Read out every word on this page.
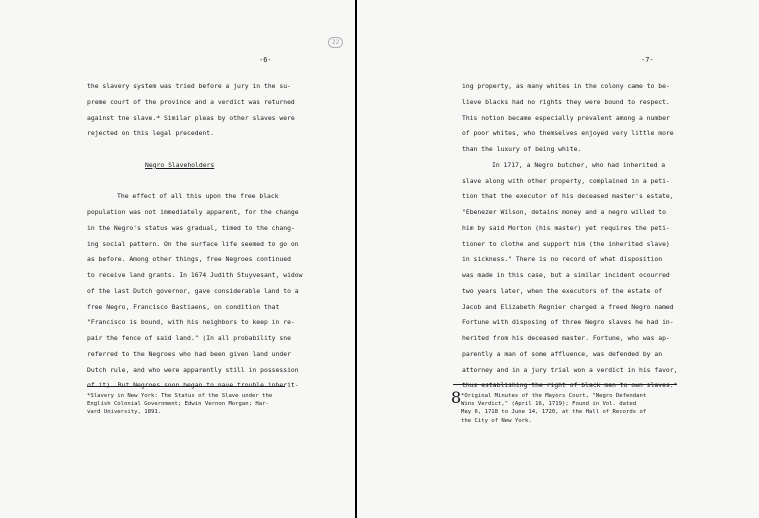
22
-6-
the slavery system was tried before a jury in the su-
preme court of the province and a verdict was returned
against tne slave.* Similar pleas by other slaves were
rejected on this legal precedent.
Negro Slaveholders
The effect of all this upon the free black
population was not immediately apparent, for the change
in the Negro's status was gradual, timed to the chang-
ing social pattern. On the surface life seemed to go on
as before. Among other things, free Negroes continued
to receive land grants. In 1674 Judith Stuyvesant, widow
of the last Dutch governor, gave considerable land to a
free Negro, Francisco Bastiaens, on condition that
"Francisco is bound, with his neighbors to keep in re-
pair the fence of said land." (In all probability sne
referred to the Negroes who had been given land under
Dutch rule, and who were apparently still in possession
of it). But Negroes soon began to nave trouble inherit-
*Slavery in New York: The Status of the Slave under the
English Colonial Government; Edwin Vernon Morgan; Har-
vard University, 1891.
-7-
ing property, as many whites in the colony came to be-
lieve blacks had no rights they were bound to respect.
This notion became especially prevalent among a number
of poor whites, who themselves enjoyed very little more
than the luxury of being white.
In 1717, a Negro butcher, who had inherited a
slave along with other property, complained in a peti-
tion that the executor of his deceased master's estate,
"Ebenezer Wilson, detains money and a negro willed to
him by said Morton (his master) yet requires the peti-
tioner to clothe and support him (the inherited slave)
in sickness." There is no record of what disposition
was made in this case, but a similar incident ocourred
two years later, when the executors of the estate of
Jacob and Elizabeth Regnier charged a freed Negro named
Fortune with disposing of three Negro slaves he had in-
herited from his deceased master. Fortune, who was ap-
parently a man of some affluence, was defended by an
attorney and in a jury trial won a verdict in his favor,
thus establishing the right of black men to own slaves.*
8 *Original Minutes of the Mayors Court, "Negro Defendant
Wins Verdict," (April 16, 1719); Found in Vol. dated
May 6, 1718 to June 14, 1720, at the Hall of Records of
the City of New York.
